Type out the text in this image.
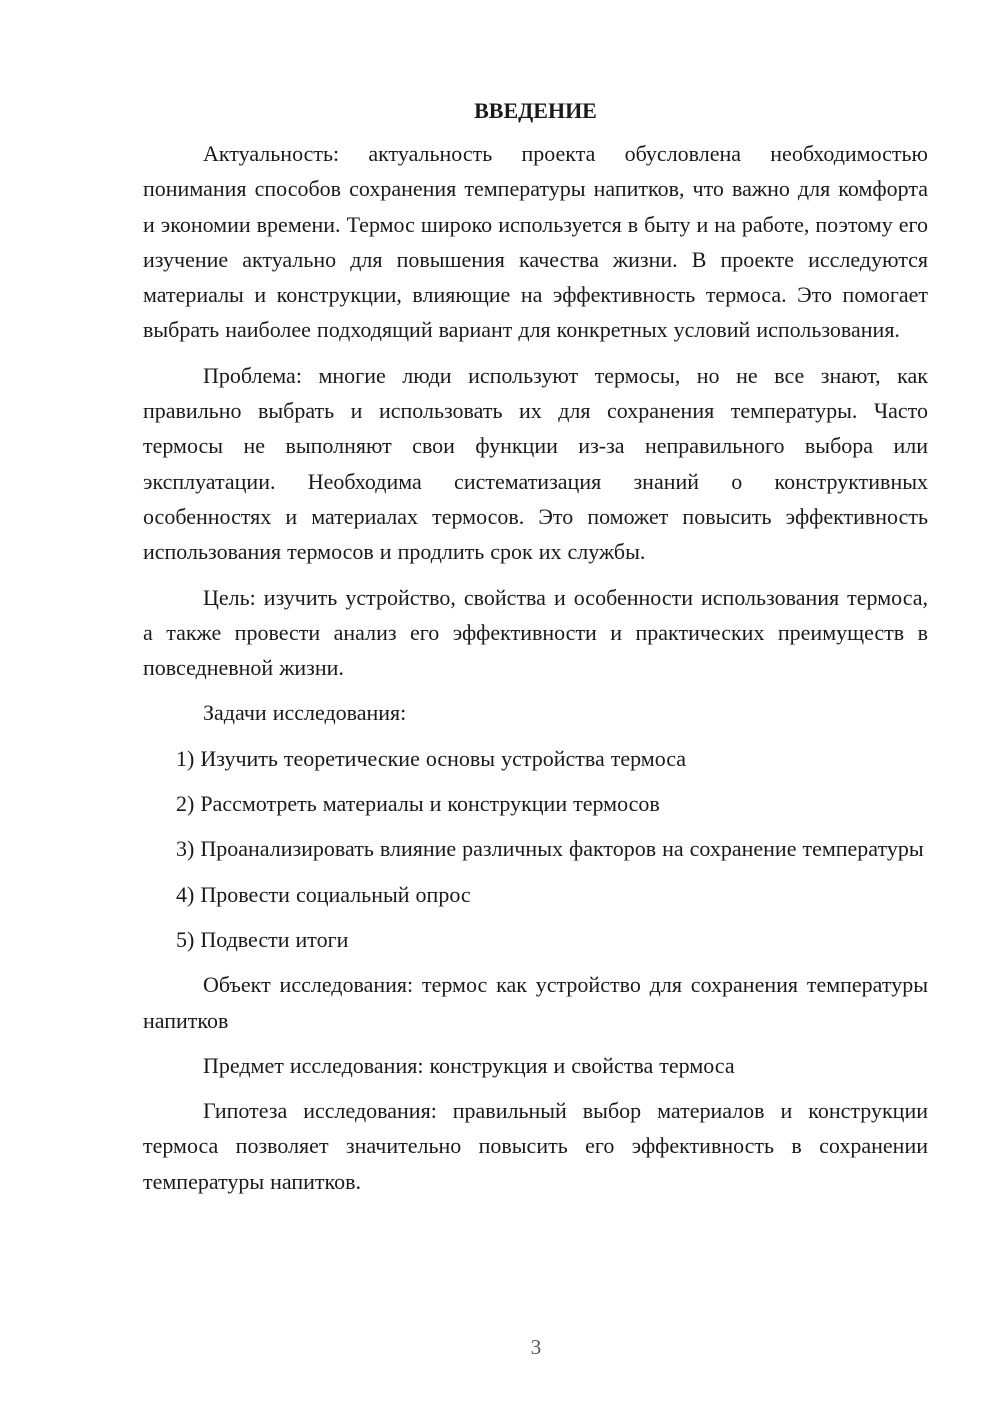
ВВЕДЕНИЕ

Актуальность: актуальность проекта обусловлена необходимостью понимания способов сохранения температуры напитков, что важно для комфорта и экономии времени. Термос широко используется в быту и на работе, поэтому его изучение актуально для повышения качества жизни. В проекте исследуются материалы и конструкции, влияющие на эффективность термоса. Это помогает выбрать наиболее подходящий вариант для конкретных условий использования.

Проблема: многие люди используют термосы, но не все знают, как правильно выбрать и использовать их для сохранения температуры. Часто термосы не выполняют свои функции из-за неправильного выбора или эксплуатации. Необходима систематизация знаний о конструктивных особенностях и материалах термосов. Это поможет повысить эффективность использования термосов и продлить срок их службы.

Цель: изучить устройство, свойства и особенности использования термоса, а также провести анализ его эффективности и практических преимуществ в повседневной жизни.

Задачи исследования:

1) Изучить теоретические основы устройства термоса

2) Рассмотреть материалы и конструкции термосов

3) Проанализировать влияние различных факторов на сохранение температуры

4) Провести социальный опрос

5) Подвести итоги

Объект исследования: термос как устройство для сохранения температуры напитков

Предмет исследования: конструкция и свойства термоса

Гипотеза исследования: правильный выбор материалов и конструкции термоса позволяет значительно повысить его эффективность в сохранении температуры напитков.

3
